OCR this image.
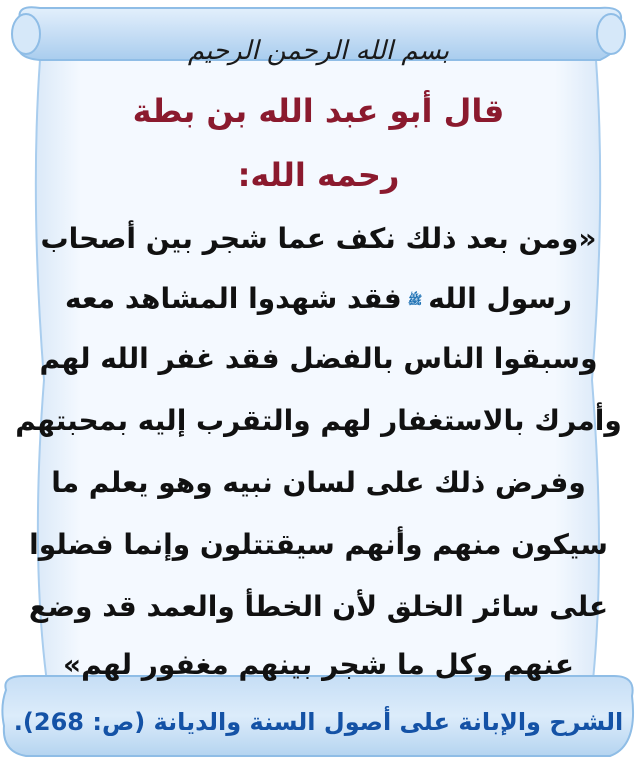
بسم الله الرحمن الرحيم
قال أبو عبد الله بن بطة
رحمه الله:
«ومن بعد ذلك نكف عما شجر بين أصحاب
رسول اللهﷺفقد شهدوا المشاهد معه
وسبقوا الناس بالفضل فقد غفر الله لهم
وأمرك بالاستغفار لهم والتقرب إليه بمحبتهم
وفرض ذلك على لسان نبيه وهو يعلم ما
سيكون منهم وأنهم سيقتتلون وإنما فضلوا
على سائر الخلق لأن الخطأ والعمد قد وضع
عنهم وكل ما شجر بينهم مغفور لهم»
الشرح والإبانة على أصول السنة والديانة (ص: 268).
